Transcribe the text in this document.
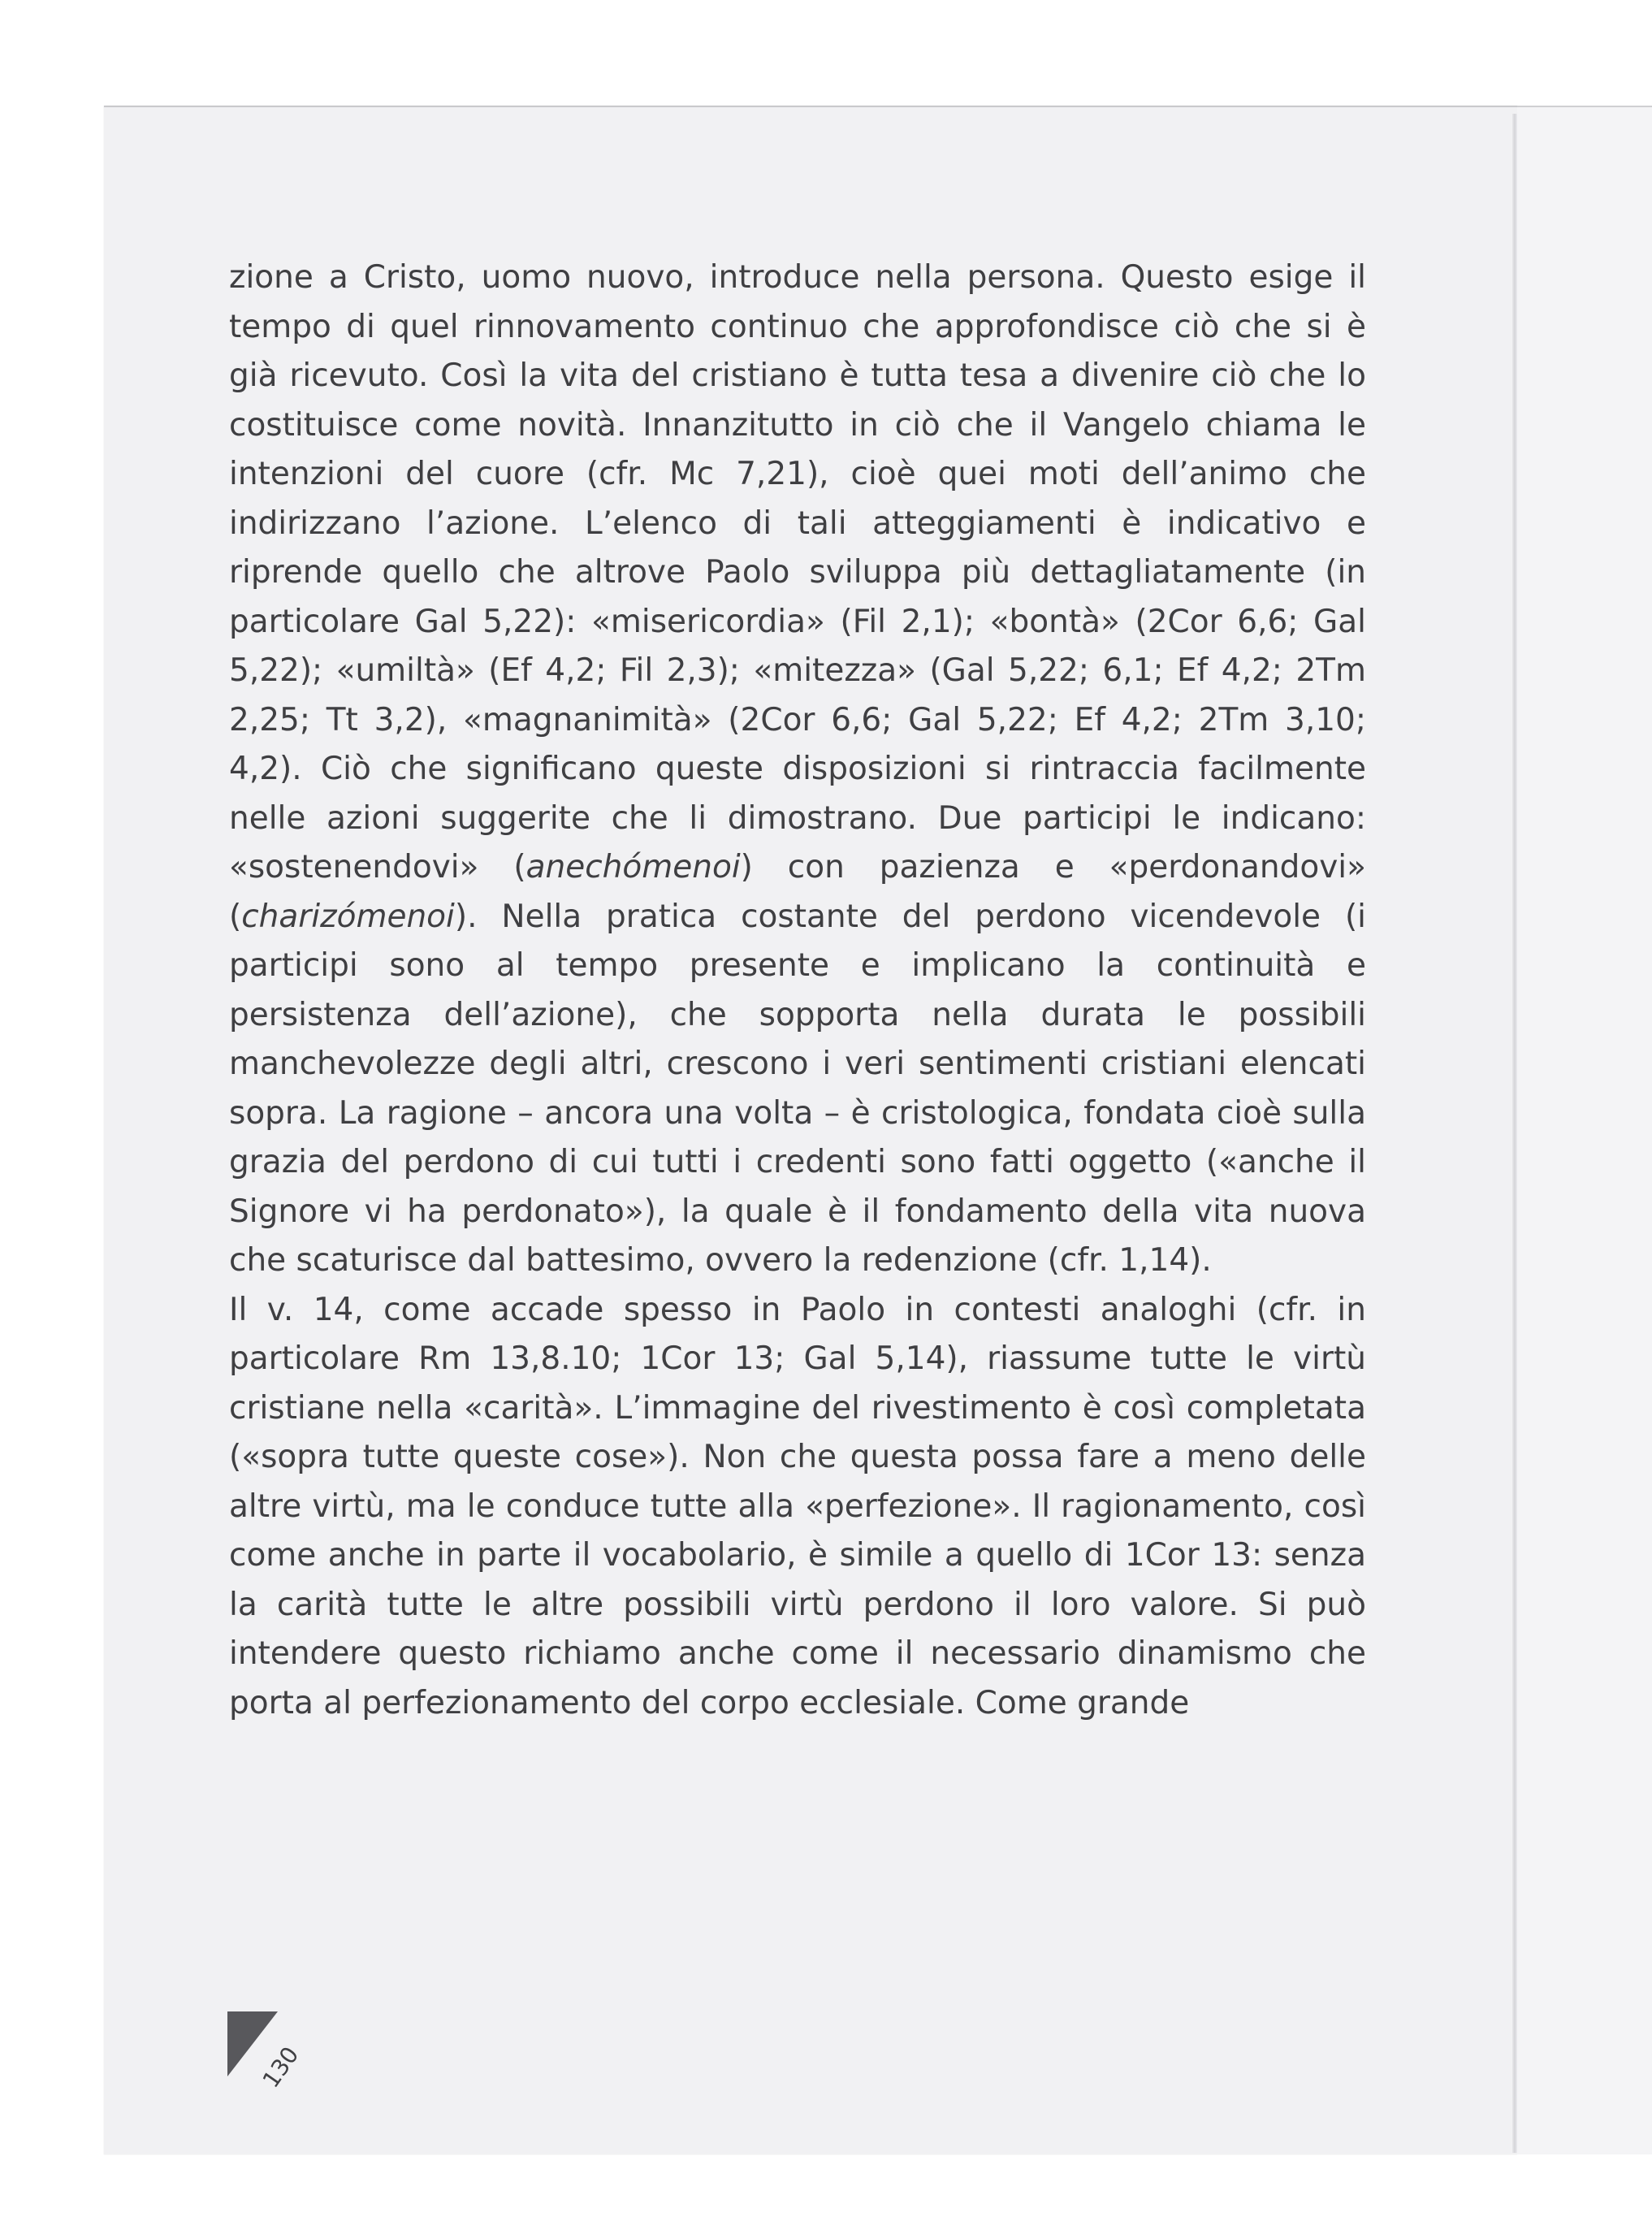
zione a Cristo, uomo nuovo, introduce nella persona. Questo esige il tempo di quel rinnovamento continuo che approfondisce ciò che si è già ricevuto. Così la vita del cristiano è tutta tesa a divenire ciò che lo costituisce come novità. Innanzitutto in ciò che il Vangelo chiama le intenzioni del cuore (cfr. Mc 7,21), cioè quei moti dell’animo che indirizzano l’azione. L’elenco di tali atteggiamenti è indicativo e riprende quello che altrove Paolo sviluppa più dettagliatamente (in particolare Gal 5,22): «misericordia» (Fil 2,1); «bontà» (2Cor 6,6; Gal 5,22); «umiltà» (Ef 4,2; Fil 2,3); «mitezza» (Gal 5,22; 6,1; Ef 4,2; 2Tm 2,25; Tt 3,2), «magnanimità» (2Cor 6,6; Gal 5,22; Ef 4,2; 2Tm 3,10; 4,2). Ciò che significano queste disposizioni si rintraccia facilmente nelle azioni suggerite che li dimostrano. Due participi le indicano: «sostenendovi» (anechómenoi) con pazienza e «perdonandovi» (charizómenoi). Nella pratica costante del perdono vicendevole (i participi sono al tempo presente e implicano la continuità e persistenza dell’azione), che sopporta nella durata le possibili manchevolezze degli altri, crescono i veri sentimenti cristiani elencati sopra. La ragione – ancora una volta – è cristologica, fondata cioè sulla grazia del perdono di cui tutti i credenti sono fatti oggetto («anche il Signore vi ha perdonato»), la quale è il fondamento della vita nuova che scaturisce dal battesimo, ovvero la redenzione (cfr. 1,14).
Il v. 14, come accade spesso in Paolo in contesti analoghi (cfr. in particolare Rm 13,8.10; 1Cor 13; Gal 5,14), riassume tutte le virtù cristiane nella «carità». L’immagine del rivestimento è così completata («sopra tutte queste cose»). Non che questa possa fare a meno delle altre virtù, ma le conduce tutte alla «perfezione». Il ragionamento, così come anche in parte il vocabolario, è simile a quello di 1Cor 13: senza la carità tutte le altre possibili virtù perdono il loro valore. Si può intendere questo richiamo anche come il necessario dinamismo che porta al perfezionamento del corpo ecclesiale. Come grande
130
